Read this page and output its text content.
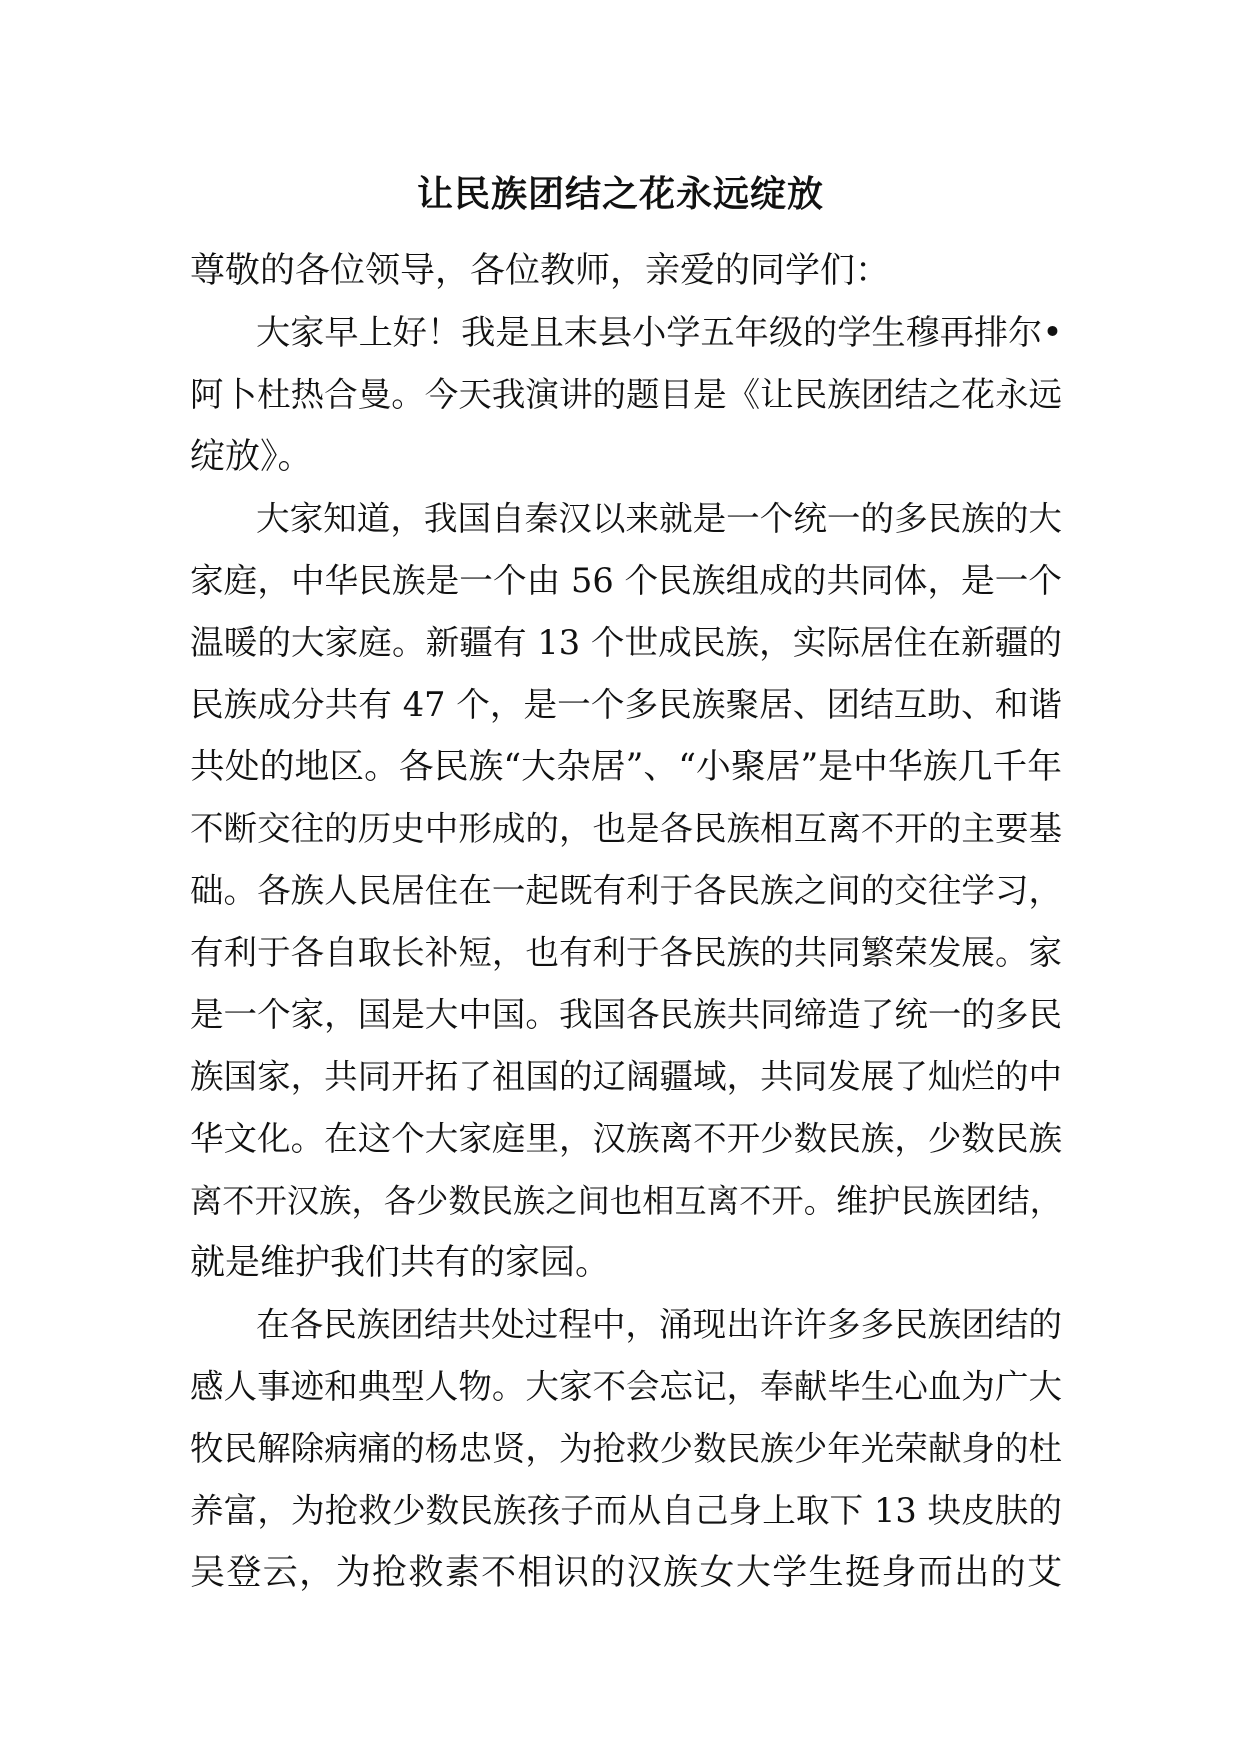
让民族团结之花永远绽放
尊敬的各位领导，各位教师，亲爱的同学们：
大家早上好！我是且末县小学五年级的学生穆再排尔•
阿卜杜热合曼。今天我演讲的题目是《让民族团结之花永远
绽放》。
大家知道，我国自秦汉以来就是一个统一的多民族的大
家庭，中华民族是一个由 56 个民族组成的共同体，是一个
温暖的大家庭。新疆有 13 个世成民族，实际居住在新疆的
民族成分共有 47 个，是一个多民族聚居、团结互助、和谐
共处的地区。各民族“大杂居”、“小聚居”是中华族几千年
不断交往的历史中形成的，也是各民族相互离不开的主要基
础。各族人民居住在一起既有利于各民族之间的交往学习，
有利于各自取长补短，也有利于各民族的共同繁荣发展。家
是一个家，国是大中国。我国各民族共同缔造了统一的多民
族国家，共同开拓了祖国的辽阔疆域，共同发展了灿烂的中
华文化。在这个大家庭里，汉族离不开少数民族，少数民族
离不开汉族，各少数民族之间也相互离不开。维护民族团结，
就是维护我们共有的家园。
在各民族团结共处过程中，涌现出许许多多民族团结的
感人事迹和典型人物。大家不会忘记，奉献毕生心血为广大
牧民解除病痛的杨忠贤，为抢救少数民族少年光荣献身的杜
养富，为抢救少数民族孩子而从自己身上取下 13 块皮肤的
吴登云，为抢救素不相识的汉族女大学生挺身而出的艾
